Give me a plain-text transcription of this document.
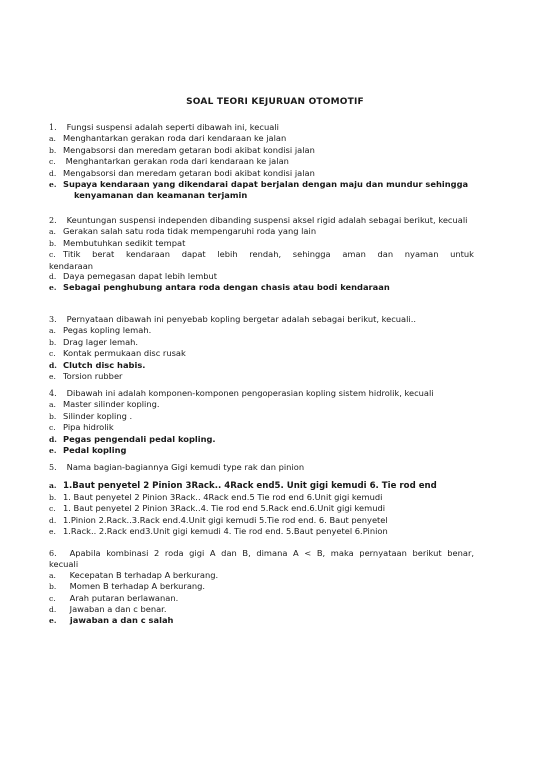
SOAL TEORI KEJURUAN OTOMOTIF
1. Fungsi suspensi adalah seperti dibawah ini, kecuali
a. Menghantarkan gerakan roda dari kendaraan ke jalan
b. Mengabsorsi dan meredam getaran bodi akibat kondisi jalan
c. Menghantarkan gerakan roda dari kendaraan ke jalan
d. Mengabsorsi dan meredam getaran bodi akibat kondisi jalan
e. Supaya kendaraan yang dikendarai dapat berjalan dengan maju dan mundur sehingga
kenyamanan dan keamanan terjamin
2. Keuntungan suspensi independen dibanding suspensi aksel rigid adalah sebagai berikut, kecuali
a. Gerakan salah satu roda tidak mempengaruhi roda yang lain
b. Membutuhkan sedikit tempat
c. Titik berat kendaraan dapat lebih rendah, sehingga aman dan nyaman untuk kendaraan
d. Daya pemegasan dapat lebih lembut
e. Sebagai penghubung antara roda dengan chasis atau bodi kendaraan
3. Pernyataan dibawah ini penyebab kopling bergetar adalah sebagai berikut, kecuali..
a. Pegas kopling lemah.
b. Drag lager lemah.
c. Kontak permukaan disc rusak
d. Clutch disc habis.
e. Torsion rubber
4. Dibawah ini adalah komponen-komponen pengoperasian kopling sistem hidrolik, kecuali
a. Master silinder kopling.
b. Silinder kopling .
c. Pipa hidrolik
d. Pegas pengendali pedal kopling.
e. Pedal kopling
5. Nama bagian-bagiannya Gigi kemudi type rak dan pinion
a. 1.Baut penyetel 2 Pinion 3Rack.. 4Rack end5. Unit gigi kemudi 6. Tie rod end
b. 1. Baut penyetel 2 Pinion 3Rack.. 4Rack end.5 Tie rod end 6.Unit gigi kemudi
c. 1. Baut penyetel 2 Pinion 3Rack..4. Tie rod end 5.Rack end.6.Unit gigi kemudi
d. 1.Pinion 2.Rack..3.Rack end.4.Unit gigi kemudi 5.Tie rod end. 6. Baut penyetel
e. 1.Rack.. 2.Rack end3.Unit gigi kemudi 4. Tie rod end. 5.Baut penyetel 6.Pinion
6. Apabila kombinasi 2 roda gigi A dan B, dimana A < B, maka pernyataan berikut benar, kecuali
a. Kecepatan B terhadap A berkurang.
b. Momen B terhadap A berkurang.
c. Arah putaran berlawanan.
d. Jawaban a dan c benar.
e. jawaban a dan c salah
